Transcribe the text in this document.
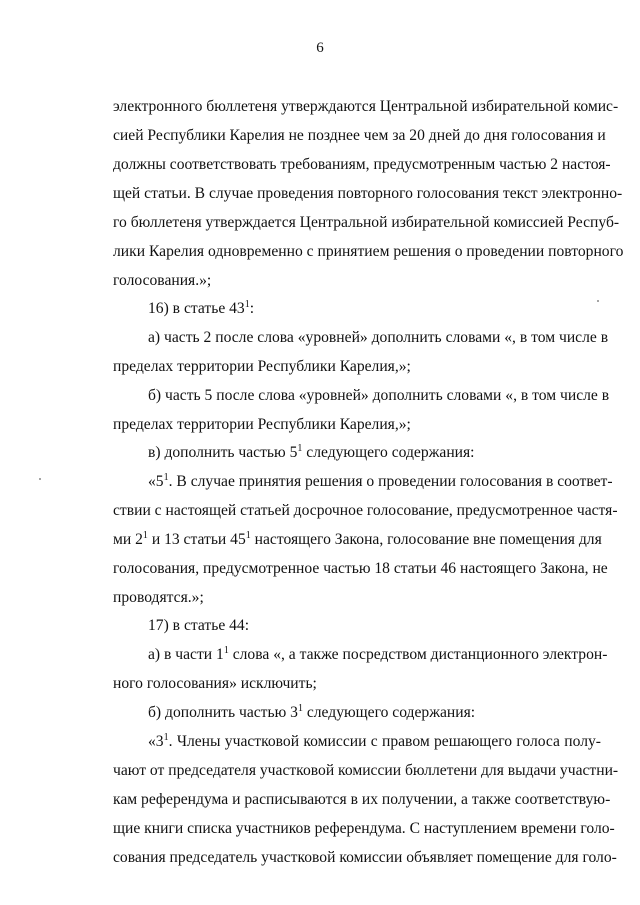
6
электронного бюллетеня утверждаются Центральной избирательной комис-
сией Республики Карелия не позднее чем за 20 дней до дня голосования и
должны соответствовать требованиям, предусмотренным частью 2 настоя-
щей статьи. В случае проведения повторного голосования текст электронно-
го бюллетеня утверждается Центральной избирательной комиссией Респуб-
лики Карелия одновременно с принятием решения о проведении повторного
голосования.»;
16) в статье $43^1$:
а) часть 2 после слова «уровней» дополнить словами «, в том числе в
пределах территории Республики Карелия,»;
б) часть 5 после слова «уровней» дополнить словами «, в том числе в
пределах территории Республики Карелия,»;
в) дополнить частью $5^1$ следующего содержания:
«$5^1$. В случае принятия решения о проведении голосования в соответ-
ствии с настоящей статьей досрочное голосование, предусмотренное частя-
ми $2^1$ и 13 статьи $45^1$ настоящего Закона, голосование вне помещения для
голосования, предусмотренное частью 18 статьи 46 настоящего Закона, не
проводятся.»;
17) в статье 44:
а) в части $1^1$ слова «, а также посредством дистанционного электрон-
ного голосования» исключить;
б) дополнить частью $3^1$ следующего содержания:
«$3^1$. Члены участковой комиссии с правом решающего голоса полу-
чают от председателя участковой комиссии бюллетени для выдачи участни-
кам референдума и расписываются в их получении, а также соответствую-
щие книги списка участников референдума. С наступлением времени голо-
сования председатель участковой комиссии объявляет помещение для голо-
